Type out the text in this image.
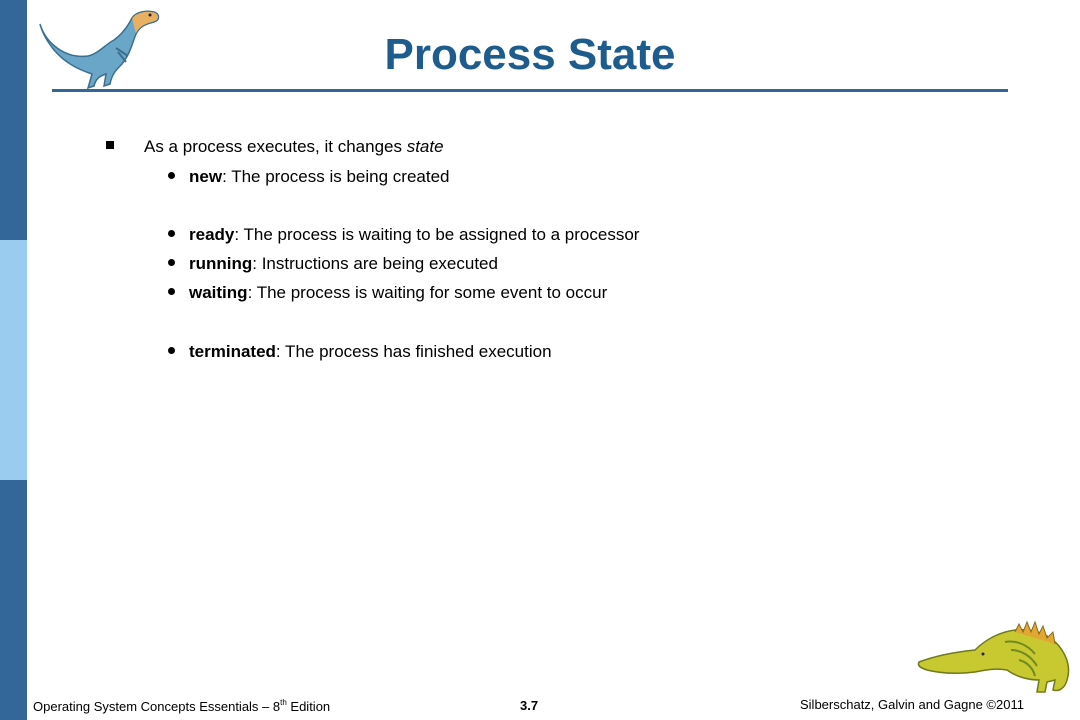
Process State
As a process executes, it changes state
new: The process is being created
ready: The process is waiting to be assigned to a processor
running: Instructions are being executed
waiting: The process is waiting for some event to occur
terminated: The process has finished execution
Operating System Concepts Essentials – 8th Edition	3.7	Silberschatz, Galvin and Gagne ©2011
